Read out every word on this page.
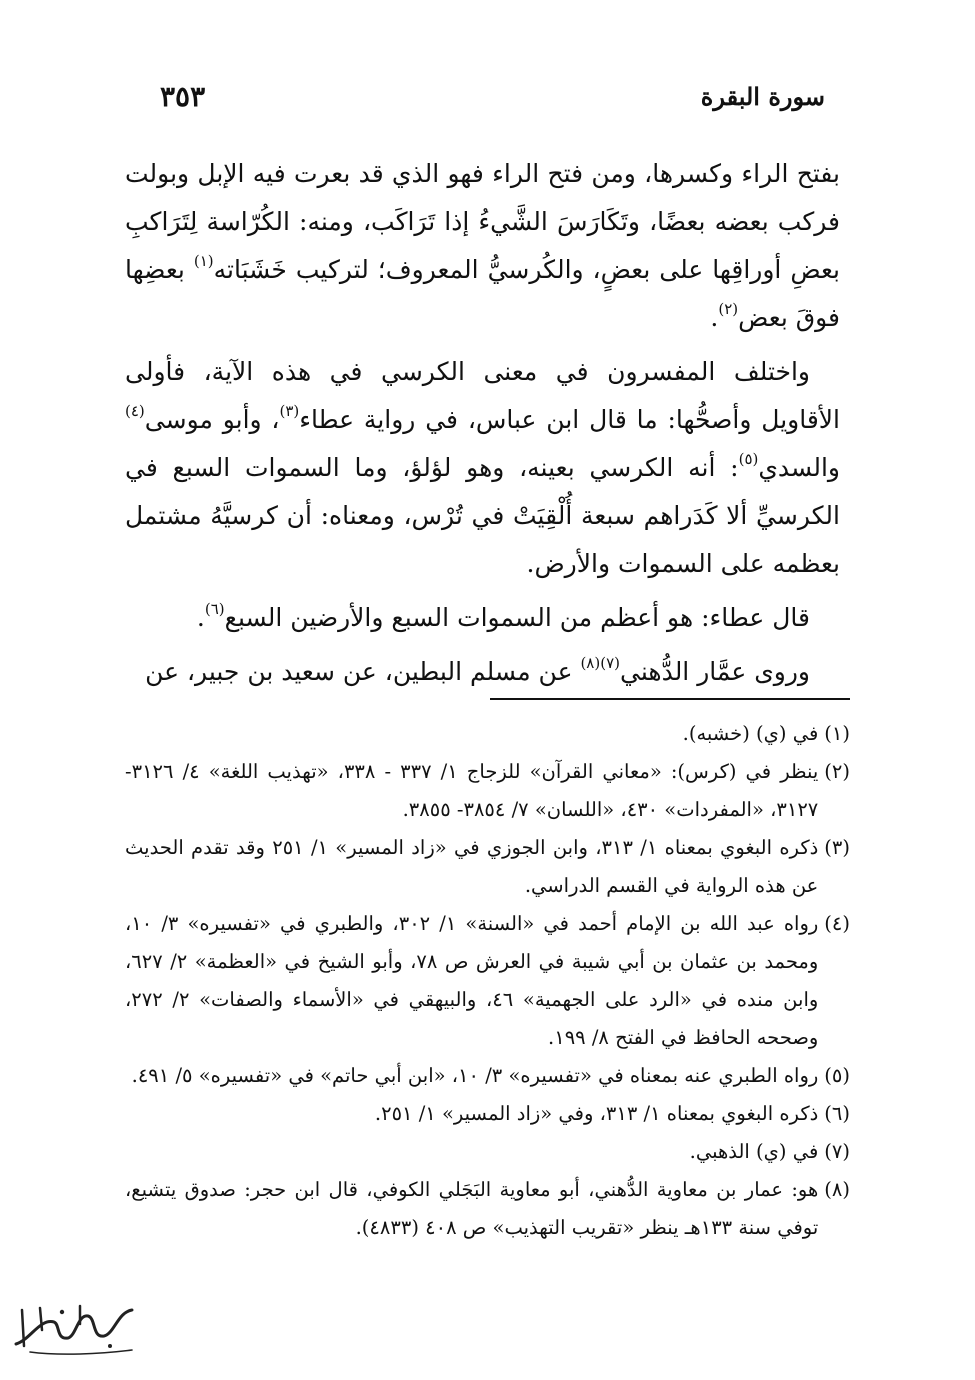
٣٥٣	سورة البقرة

بفتح الراء وكسرها، ومن فتح الراء فهو الذي قد بعرت فيه الإبل وبولت فركب بعضه بعضًا، وتَكَارَسَ الشَّيءُ إذا تَرَاكَب، ومنه: الكُرّاسة لِتَرَاكبِ بعضِ أوراقِها على بعضٍ، والكُرسيُّ المعروف؛ لتركيب خَشَبَاته$^{(١)}$ بعضِها فوقَ بعض$^{(٢)}$.

واختلف المفسرون في معنى الكرسي في هذه الآية، فأولى الأقاويل وأصحُّها: ما قال ابن عباس، في رواية عطاء$^{(٣)}$، وأبو موسى$^{(٤)}$ والسدي$^{(٥)}$: أنه الكرسي بعينه، وهو لؤلؤ، وما السموات السبع في الكرسيِّ ألا كَدَراهم سبعة أُلْقِيَتْ في تُرْس، ومعناه: أن كرسيَّهُ مشتمل بعظمه على السموات والأرض.

قال عطاء: هو أعظم من السموات السبع والأرضين السبع$^{(٦)}$.

وروى عمَّار الدُّهني$^{(٧)(٨)}$ عن مسلم البطين، عن سعيد بن جبير، عن

(١)
في (ي) (خشبه).
(٢)
ينظر في (كرس): «معاني القرآن» للزجاج ١/ ٣٣٧ - ٣٣٨، «تهذيب اللغة» ٤/ ٣١٢٦- ٣١٢٧، «المفردات» ٤٣٠، «اللسان» ٧/ ٣٨٥٤- ٣٨٥٥.
(٣)
ذكره البغوي بمعناه ١/ ٣١٣، وابن الجوزي في «زاد المسير» ١/ ٢٥١ وقد تقدم الحديث عن هذه الرواية في القسم الدراسي.
(٤)
رواه عبد الله بن الإمام أحمد في «السنة» ١/ ٣٠٢، والطبري في «تفسيره» ٣/ ١٠، ومحمد بن عثمان بن أبي شيبة في العرش ص ٧٨، وأبو الشيخ في «العظمة» ٢/ ٦٢٧، وابن منده في «الرد على الجهمية» ٤٦، والبيهقي في «الأسماء والصفات» ٢/ ٢٧٢، وصححه الحافظ في الفتح ٨/ ١٩٩.
(٥)
رواه الطبري عنه بمعناه في «تفسيره» ٣/ ١٠، «ابن أبي حاتم» في «تفسيره» ٥/ ٤٩١.
(٦)
ذكره البغوي بمعناه ١/ ٣١٣، وفي «زاد المسير» ١/ ٢٥١.
(٧)
في (ي) الذهبي.
(٨)
هو: عمار بن معاوية الدُّهني، أبو معاوية البَجَلي الكوفي، قال ابن حجر: صدوق يتشيع، توفي سنة ١٣٣هـ ينظر «تقريب التهذيب» ص ٤٠٨ (٤٨٣٣).
